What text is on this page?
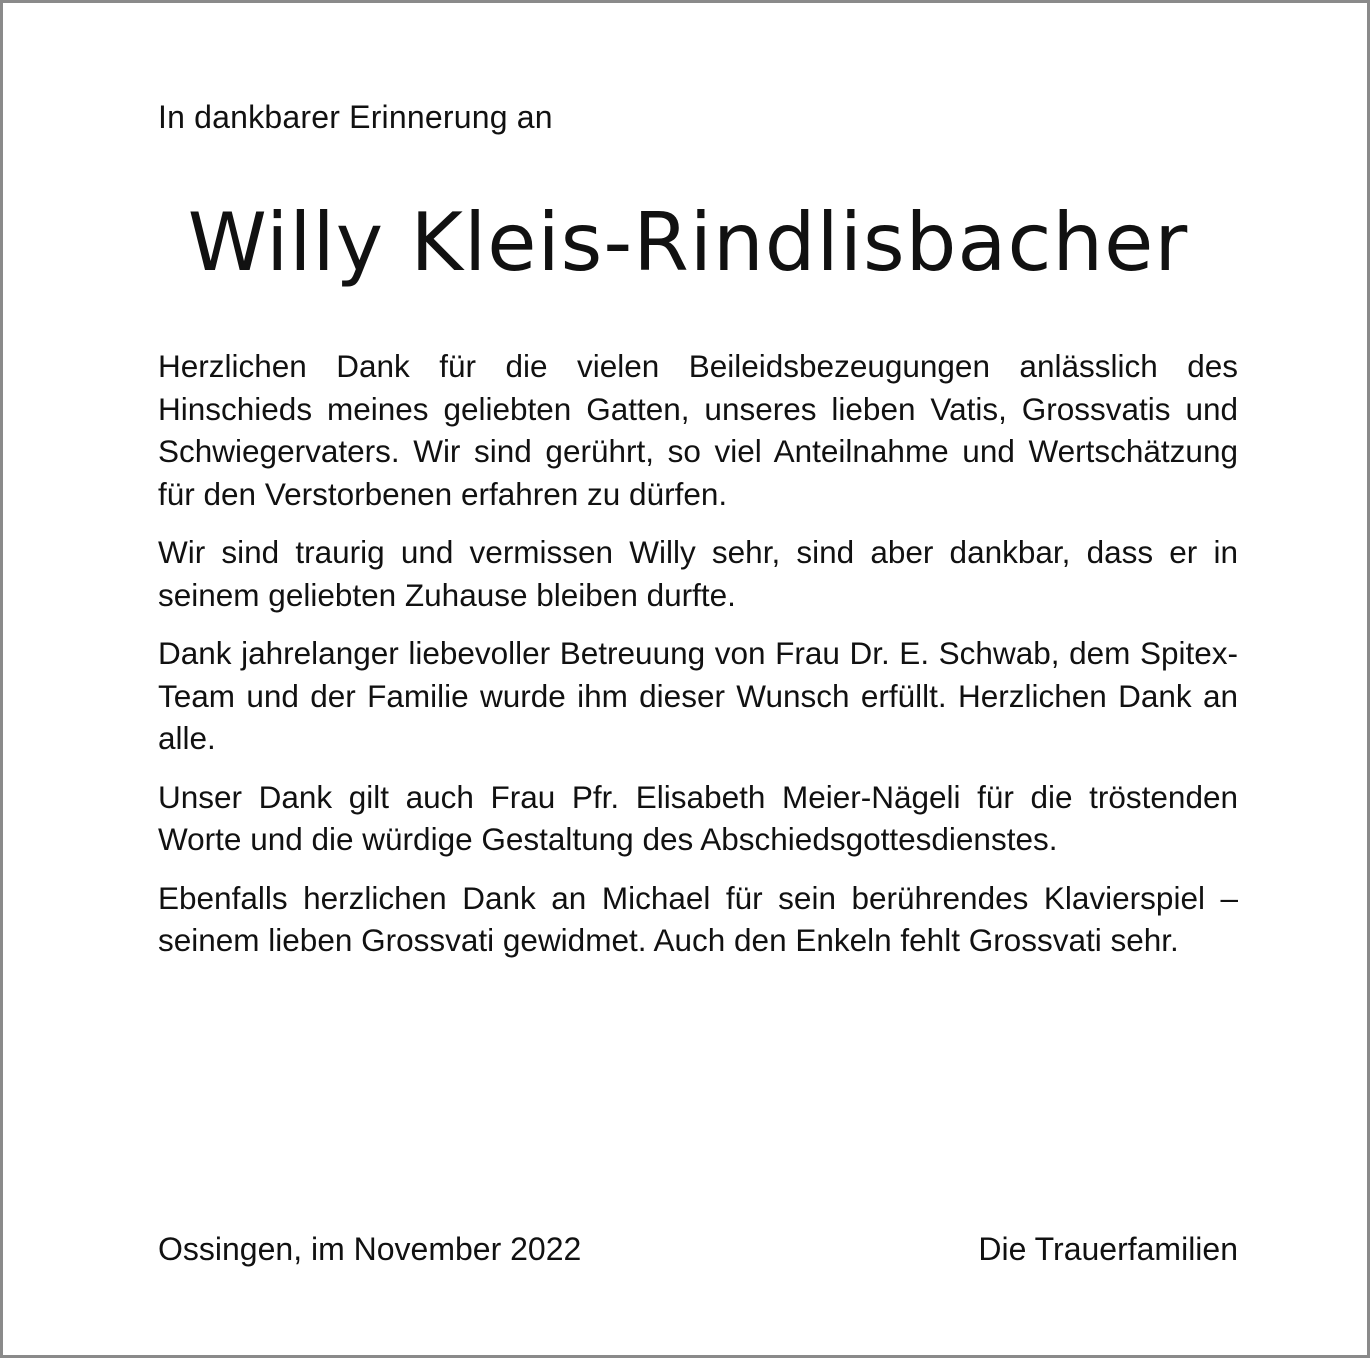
In dankbarer Erinnerung an

Willy Kleis-Rindlisbacher

Herzlichen Dank für die vielen Beileidsbezeugungen anlässlich des Hinschieds meines geliebten Gatten, unseres lieben Vatis, Grossvatis und Schwiegervaters. Wir sind gerührt, so viel Anteilnahme und Wertschätzung für den Verstorbenen erfahren zu dürfen.

Wir sind traurig und vermissen Willy sehr, sind aber dankbar, dass er in seinem geliebten Zuhause bleiben durfte.

Dank jahrelanger liebevoller Betreuung von Frau Dr. E. Schwab, dem Spitex-Team und der Familie wurde ihm dieser Wunsch erfüllt. Herzlichen Dank an alle.

Unser Dank gilt auch Frau Pfr. Elisabeth Meier-Nägeli für die tröstenden Worte und die würdige Gestaltung des Abschiedsgottesdienstes.

Ebenfalls herzlichen Dank an Michael für sein berührendes Klavierspiel – seinem lieben Grossvati gewidmet. Auch den Enkeln fehlt Grossvati sehr.

Ossingen, im November 2022	Die Trauerfamilien
